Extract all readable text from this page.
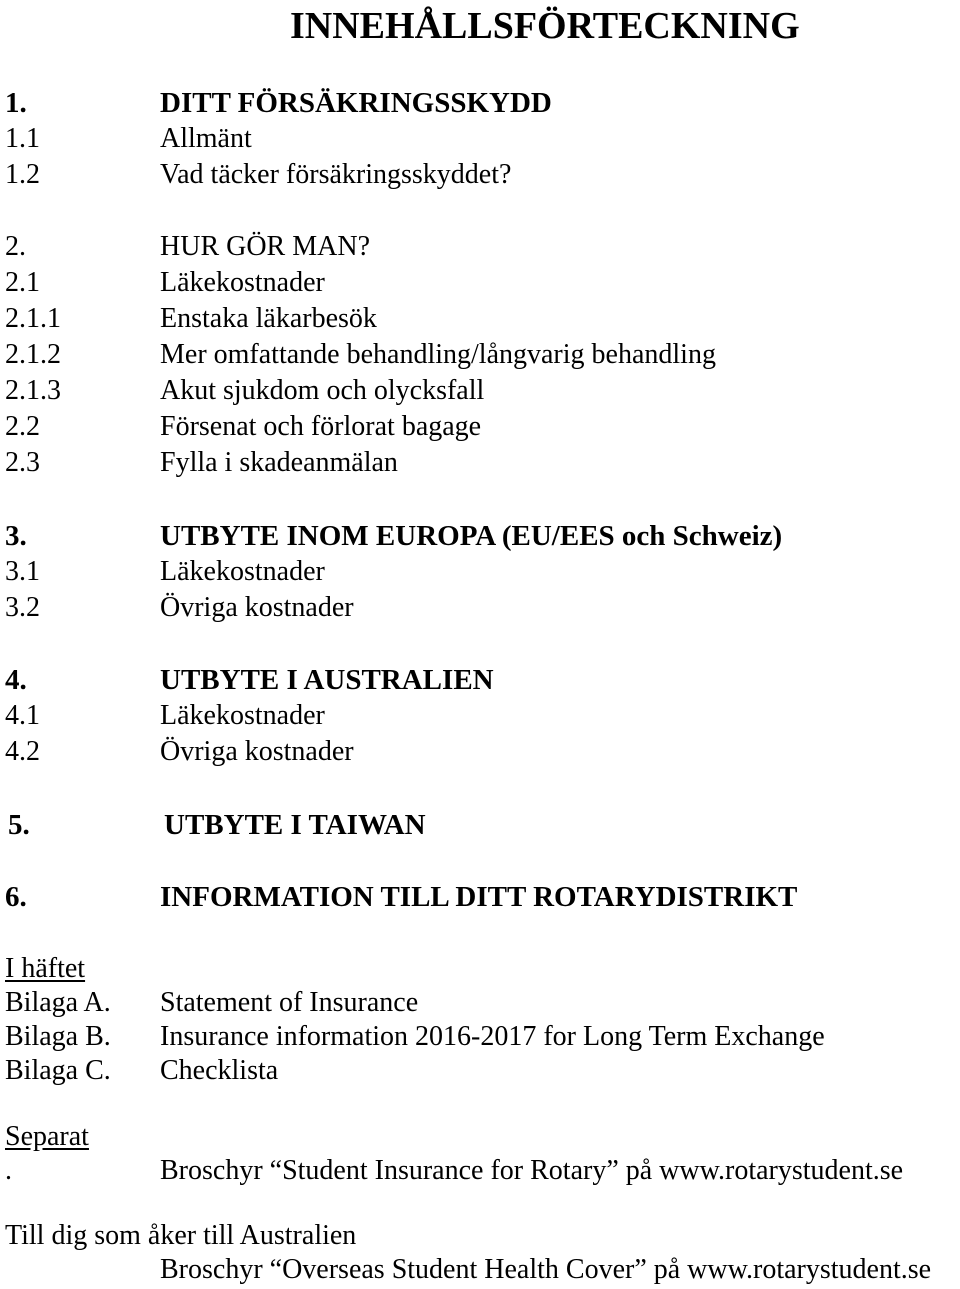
INNEHÅLLSFÖRTECKNING
1.	DITT FÖRSÄKRINGSSKYDD
1.1	Allmänt
1.2	Vad täcker försäkringsskyddet?
2.	HUR GÖR MAN?
2.1	Läkekostnader
2.1.1	Enstaka läkarbesök
2.1.2	Mer omfattande behandling/långvarig behandling
2.1.3	Akut sjukdom och olycksfall
2.2	Försenat och förlorat bagage
2.3	Fylla i skadeanmälan
3.	UTBYTE INOM EUROPA (EU/EES och Schweiz)
3.1	Läkekostnader
3.2	Övriga kostnader
4.	UTBYTE I AUSTRALIEN
4.1	Läkekostnader
4.2	Övriga kostnader
5.	UTBYTE I TAIWAN
6.	INFORMATION TILL DITT ROTARYDISTRIKT
I häftet
Bilaga A. Statement of Insurance
Bilaga B. Insurance information 2016-2017 for Long Term Exchange
Bilaga C. Checklista
Separat
.	Broschyr “Student Insurance for Rotary” på www.rotarystudent.se
Till dig som åker till Australien
Broschyr “Overseas Student Health Cover” på www.rotarystudent.se
